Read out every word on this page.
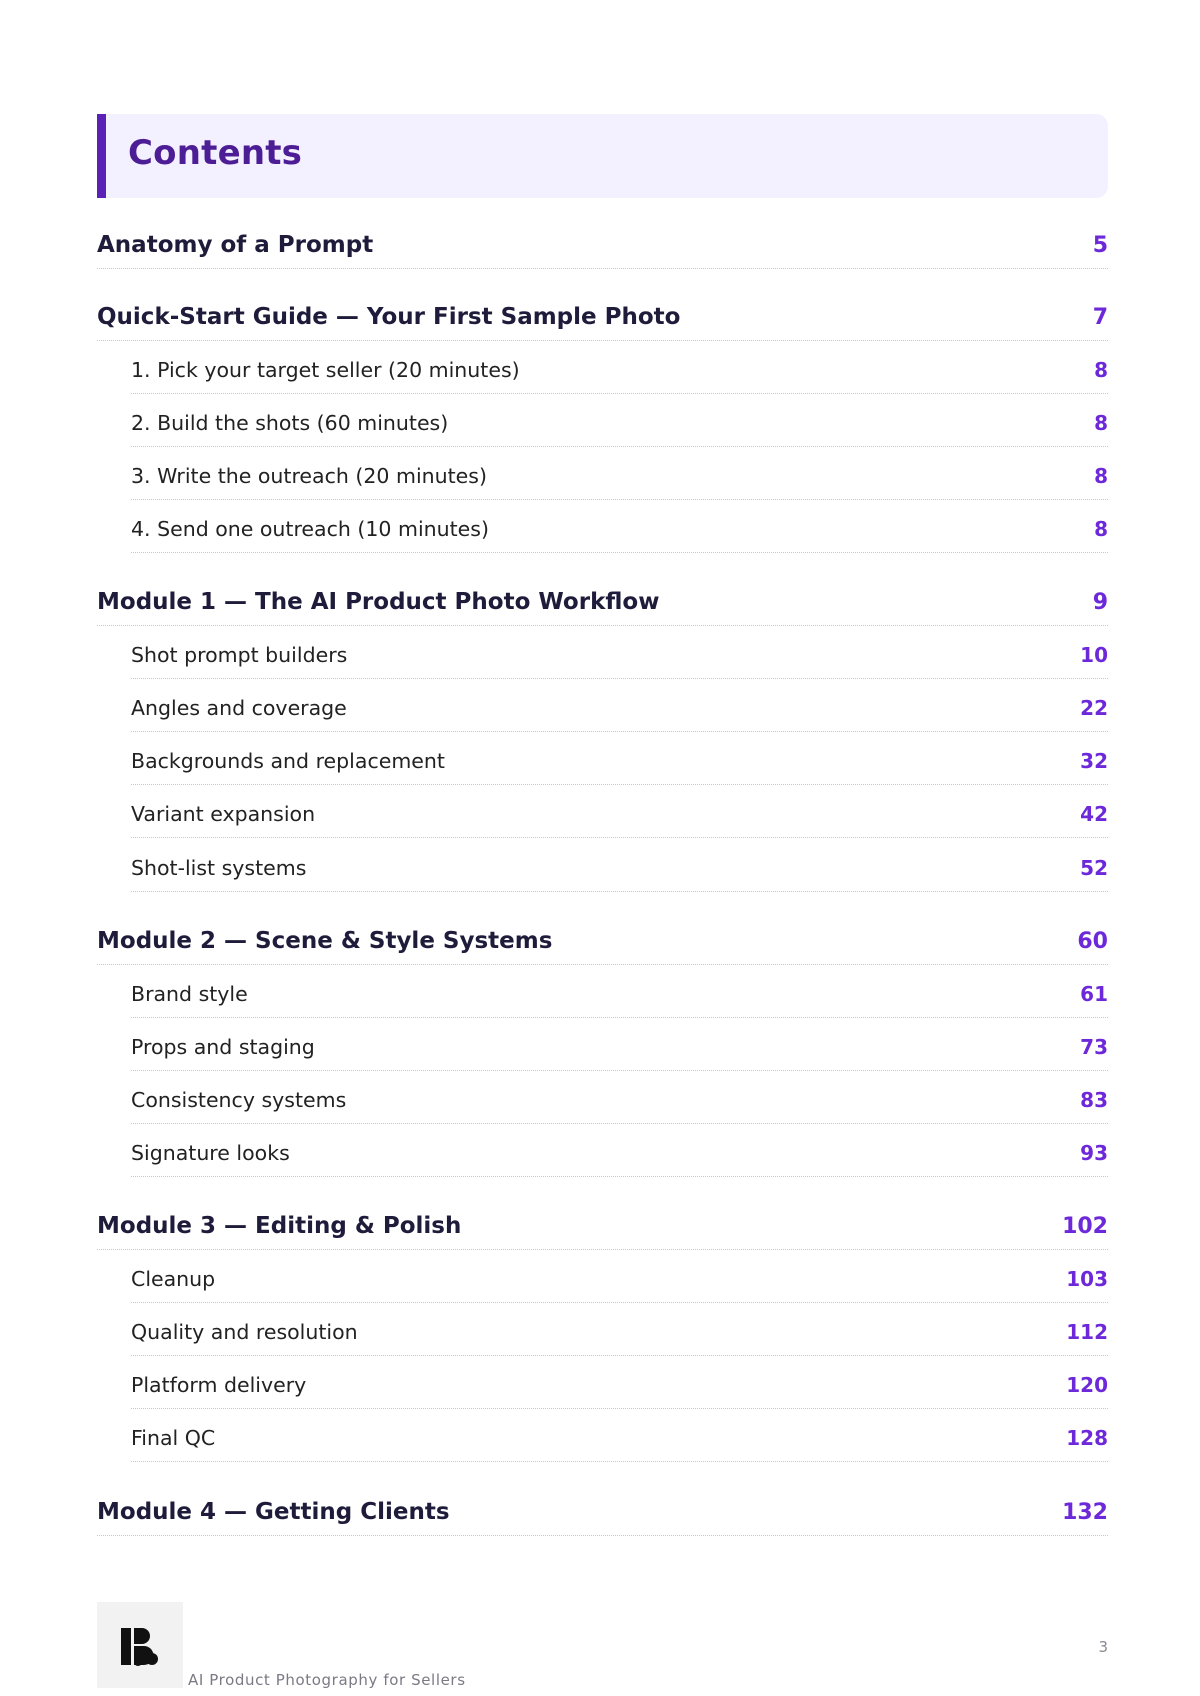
Contents
Anatomy of a Prompt	5
Quick-Start Guide — Your First Sample Photo	7
1. Pick your target seller (20 minutes)	8
2. Build the shots (60 minutes)	8
3. Write the outreach (20 minutes)	8
4. Send one outreach (10 minutes)	8
Module 1 — The AI Product Photo Workflow	9
Shot prompt builders	10
Angles and coverage	22
Backgrounds and replacement	32
Variant expansion	42
Shot-list systems	52
Module 2 — Scene & Style Systems	60
Brand style	61
Props and staging	73
Consistency systems	83
Signature looks	93
Module 3 — Editing & Polish	102
Cleanup	103
Quality and resolution	112
Platform delivery	120
Final QC	128
Module 4 — Getting Clients	132
AI Product Photography for Sellers
3
